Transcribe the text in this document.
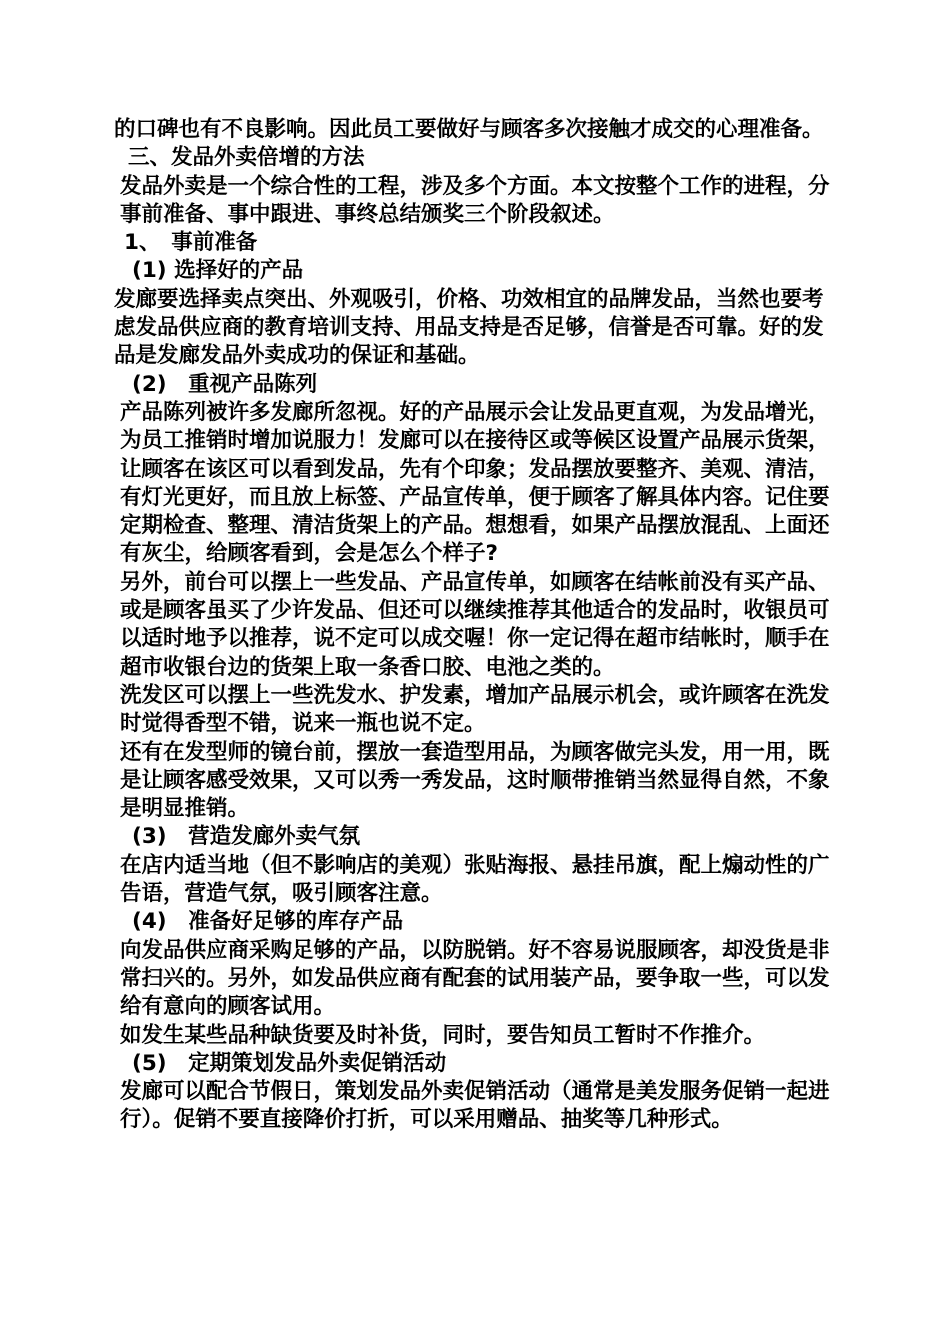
的口碑也有不良影响。因此员工要做好与顾客多次接触才成交的心理准备。

三、发品外卖倍增的方法

发品外卖是一个综合性的工程，涉及多个方面。本文按整个工作的进程，分事前准备、事中跟进、事终总结颁奖三个阶段叙述。

1、　事前准备

(1) 选择好的产品

发廊要选择卖点突出、外观吸引，价格、功效相宜的品牌发品，当然也要考虑发品供应商的教育培训支持、用品支持是否足够，信誉是否可靠。好的发品是发廊发品外卖成功的保证和基础。

(2)　重视产品陈列

产品陈列被许多发廊所忽视。好的产品展示会让发品更直观，为发品增光，为员工推销时增加说服力！发廊可以在接待区或等候区设置产品展示货架，让顾客在该区可以看到发品，先有个印象；发品摆放要整齐、美观、清洁，有灯光更好，而且放上标签、产品宣传单，便于顾客了解具体内容。记住要定期检查、整理、清洁货架上的产品。想想看，如果产品摆放混乱、上面还有灰尘，给顾客看到，会是怎么个样子?

另外，前台可以摆上一些发品、产品宣传单，如顾客在结帐前没有买产品、或是顾客虽买了少许发品、但还可以继续推荐其他适合的发品时，收银员可以适时地予以推荐，说不定可以成交喔！你一定记得在超市结帐时，顺手在超市收银台边的货架上取一条香口胶、电池之类的。

洗发区可以摆上一些洗发水、护发素，增加产品展示机会，或许顾客在洗发时觉得香型不错，说来一瓶也说不定。

还有在发型师的镜台前，摆放一套造型用品，为顾客做完头发，用一用，既是让顾客感受效果，又可以秀一秀发品，这时顺带推销当然显得自然，不象是明显推销。

(3)　营造发廊外卖气氛

在店内适当地（但不影响店的美观）张贴海报、悬挂吊旗，配上煽动性的广告语，营造气氛，吸引顾客注意。

(4)　准备好足够的库存产品

向发品供应商采购足够的产品，以防脱销。好不容易说服顾客，却没货是非常扫兴的。另外，如发品供应商有配套的试用装产品，要争取一些，可以发给有意向的顾客试用。

如发生某些品种缺货要及时补货，同时，要告知员工暂时不作推介。

(5)　定期策划发品外卖促销活动

发廊可以配合节假日，策划发品外卖促销活动（通常是美发服务促销一起进行）。促销不要直接降价打折，可以采用赠品、抽奖等几种形式。
